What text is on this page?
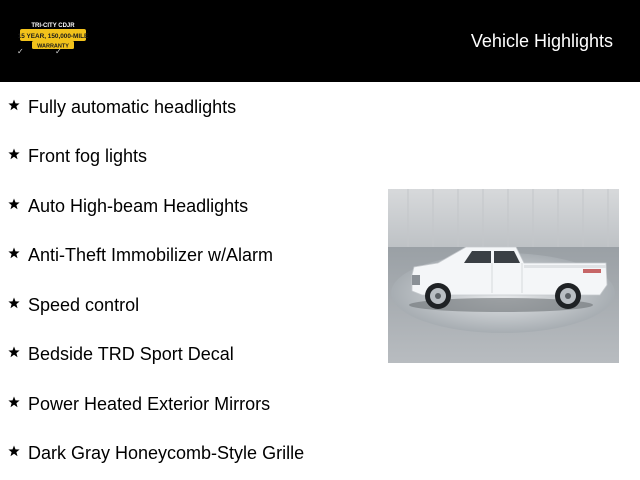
TRI-CITY CDJR
15 YEAR, 150,000-MILE
WARRANTY
✓	✓
Vehicle Highlights
Fully automatic headlights
Front fog lights
Auto High-beam Headlights
Anti-Theft Immobilizer w/Alarm
Speed control
Bedside TRD Sport Decal
Power Heated Exterior Mirrors
Dark Gray Honeycomb-Style Grille
